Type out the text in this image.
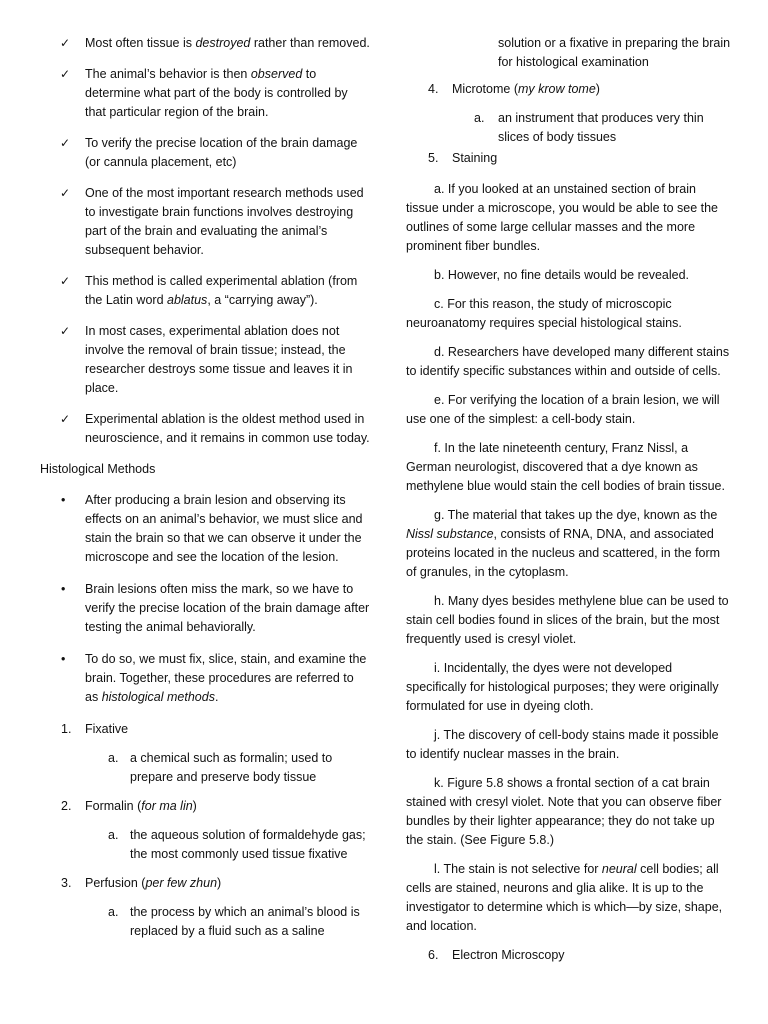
✓ Most often tissue is destroyed rather than removed.
✓ The animal’s behavior is then observed to determine what part of the body is controlled by that particular region of the brain.
✓ To verify the precise location of the brain damage (or cannula placement, etc)
✓ One of the most important research methods used to investigate brain functions involves destroying part of the brain and evaluating the animal’s subsequent behavior.
✓ This method is called experimental ablation (from the Latin word ablatus, a “carrying away”).
✓ In most cases, experimental ablation does not involve the removal of brain tissue; instead, the researcher destroys some tissue and leaves it in place.
✓ Experimental ablation is the oldest method used in neuroscience, and it remains in common use today.

Histological Methods

• After producing a brain lesion and observing its effects on an animal’s behavior, we must slice and stain the brain so that we can observe it under the microscope and see the location of the lesion.
• Brain lesions often miss the mark, so we have to verify the precise location of the brain damage after testing the animal behaviorally.
• To do so, we must fix, slice, stain, and examine the brain. Together, these procedures are referred to as histological methods.
1. Fixative
a. a chemical such as formalin; used to prepare and preserve body tissue
2. Formalin (for ma lin)
a. the aqueous solution of formaldehyde gas; the most commonly used tissue fixative
3. Perfusion (per few zhun)
a. the process by which an animal’s blood is replaced by a fluid such as a saline

solution or a fixative in preparing the brain for histological examination

4. Microtome (my krow tome)
a. an instrument that produces very thin slices of body tissues
5. Staining

a. If you looked at an unstained section of brain tissue under a microscope, you would be able to see the outlines of some large cellular masses and the more prominent fiber bundles.

b. However, no fine details would be revealed.

c. For this reason, the study of microscopic neuroanatomy requires special histological stains.

d. Researchers have developed many different stains to identify specific substances within and outside of cells.

e. For verifying the location of a brain lesion, we will use one of the simplest: a cell-body stain.

f. In the late nineteenth century, Franz Nissl, a German neurologist, discovered that a dye known as methylene blue would stain the cell bodies of brain tissue.

g. The material that takes up the dye, known as the Nissl substance, consists of RNA, DNA, and associated proteins located in the nucleus and scattered, in the form of granules, in the cytoplasm.

h. Many dyes besides methylene blue can be used to stain cell bodies found in slices of the brain, but the most frequently used is cresyl violet.

i. Incidentally, the dyes were not developed specifically for histological purposes; they were originally formulated for use in dyeing cloth.

j. The discovery of cell-body stains made it possible to identify nuclear masses in the brain.

k. Figure 5.8 shows a frontal section of a cat brain stained with cresyl violet. Note that you can observe fiber bundles by their lighter appearance; they do not take up the stain. (See Figure 5.8.)

l. The stain is not selective for neural cell bodies; all cells are stained, neurons and glia alike. It is up to the investigator to determine which is which—by size, shape, and location.

6. Electron Microscopy
